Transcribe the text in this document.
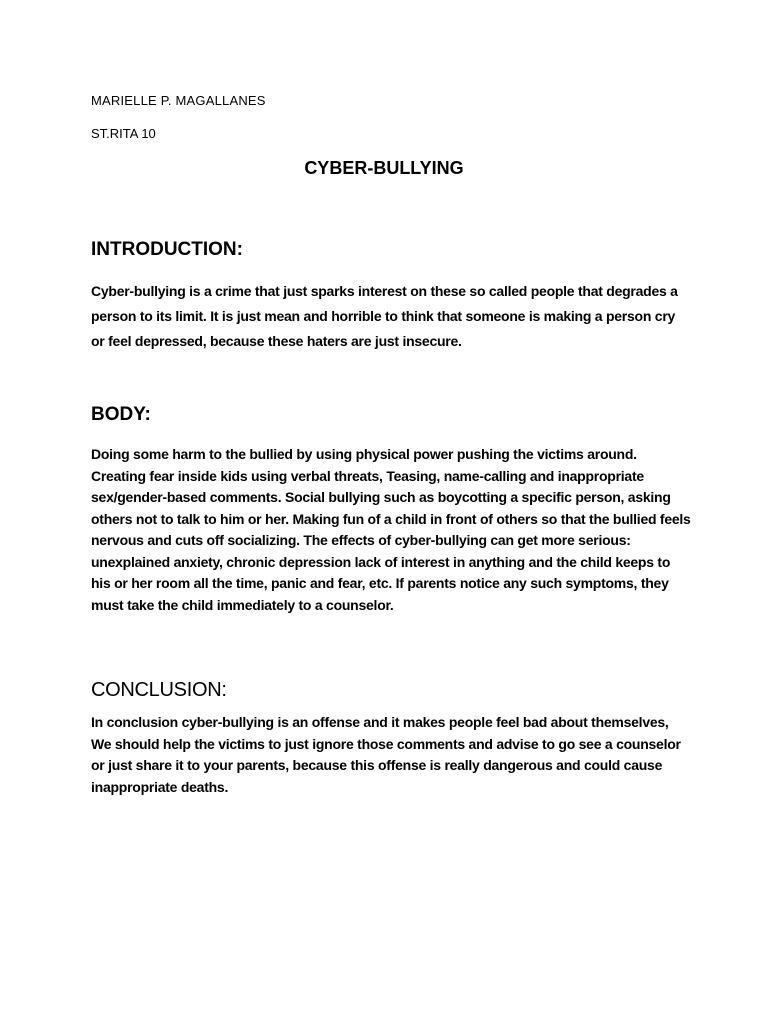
MARIELLE P. MAGALLANES
ST.RITA 10
CYBER-BULLYING
INTRODUCTION:

Cyber-bullying is a crime that just sparks interest on these so called people that degrades a person to its limit. It is just mean and horrible to think that someone is making a person cry or feel depressed, because these haters are just insecure.

BODY:

Doing some harm to the bullied by using physical power pushing the victims around. Creating fear inside kids using verbal threats, Teasing, name-calling and inappropriate sex/gender-based comments. Social bullying such as boycotting a specific person, asking others not to talk to him or her. Making fun of a child in front of others so that the bullied feels nervous and cuts off socializing. The effects of cyber-bullying can get more serious: unexplained anxiety, chronic depression lack of interest in anything and the child keeps to his or her room all the time, panic and fear, etc. If parents notice any such symptoms, they must take the child immediately to a counselor.

CONCLUSION:

In conclusion cyber-bullying is an offense and it makes people feel bad about themselves, We should help the victims to just ignore those comments and advise to go see a counselor or just share it to your parents, because this offense is really dangerous and could cause inappropriate deaths.
